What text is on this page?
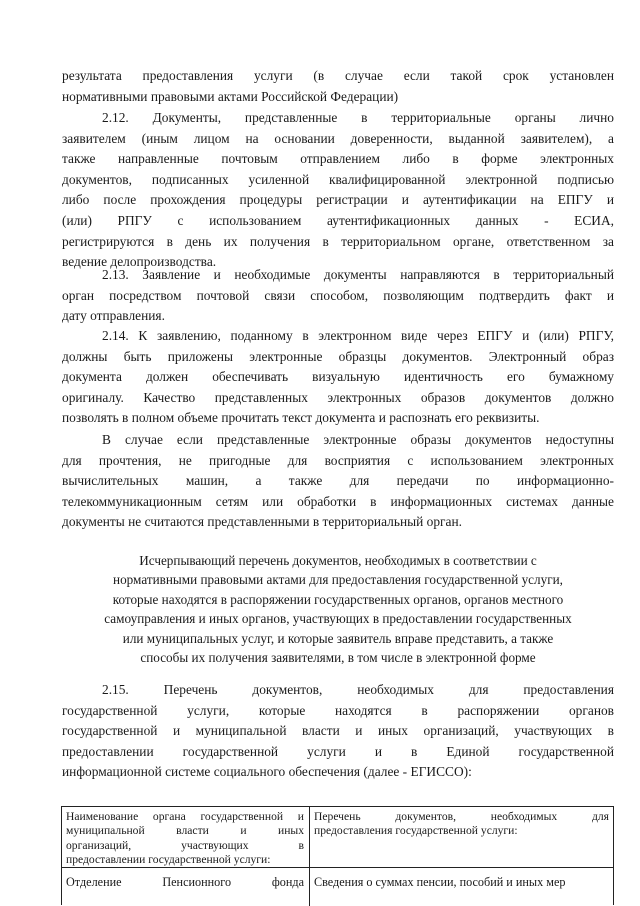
результата предоставления услуги (в случае если такой срок установлен
нормативными правовыми актами Российской Федерации)
2.12. Документы, представленные в территориальные органы лично
заявителем (иным лицом на основании доверенности, выданной заявителем), а
также направленные почтовым отправлением либо в форме электронных
документов, подписанных усиленной квалифицированной электронной подписью
либо после прохождения процедуры регистрации и аутентификации на ЕПГУ и
(или) РПГУ с использованием аутентификационных данных - ЕСИА,
регистрируются в день их получения в территориальном органе, ответственном за
ведение делопроизводства.
2.13. Заявление и необходимые документы направляются в территориальный
орган посредством почтовой связи способом, позволяющим подтвердить факт и
дату отправления.
2.14. К заявлению, поданному в электронном виде через ЕПГУ и (или) РПГУ,
должны быть приложены электронные образцы документов. Электронный образ
документа должен обеспечивать визуальную идентичность его бумажному
оригиналу. Качество представленных электронных образов документов должно
позволять в полном объеме прочитать текст документа и распознать его реквизиты.
В случае если представленные электронные образы документов недоступны
для прочтения, не пригодные для восприятия с использованием электронных
вычислительных машин, а также для передачи по информационно-
телекоммуникационным сетям или обработки в информационных системах данные
документы не считаются представленными в территориальный орган.
Исчерпывающий перечень документов, необходимых в соответствии с
нормативными правовыми актами для предоставления государственной услуги,
которые находятся в распоряжении государственных органов, органов местного
самоуправления и иных органов, участвующих в предоставлении государственных
или муниципальных услуг, и которые заявитель вправе представить, а также
способы их получения заявителями, в том числе в электронной форме
2.15. Перечень документов, необходимых для предоставления
государственной услуги, которые находятся в распоряжении органов
государственной и муниципальной власти и иных организаций, участвующих в
предоставлении государственной услуги и в Единой государственной
информационной системе социального обеспечения (далее - ЕГИССО):
Наименование органа государственной и
муниципальной власти и иных
организаций, участвующих в
предоставлении государственной услуги:
Перечень документов, необходимых для
предоставления государственной услуги:
Отделение Пенсионного фонда Сведения о суммах пенсии, пособий и иных мер
